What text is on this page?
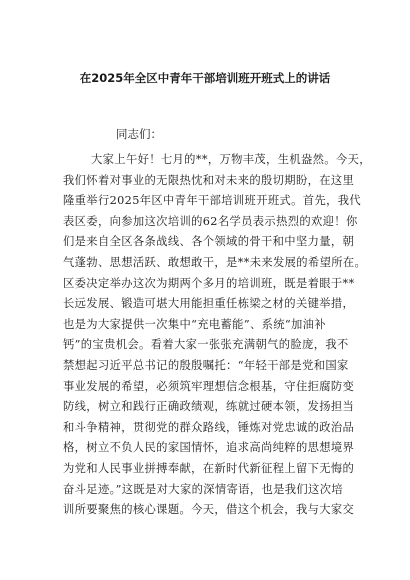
在2025年全区中青年干部培训班开班式上的讲话
同志们：
大家上午好！七月的**，万物丰茂，生机盎然。今天，
我们怀着对事业的无限热忱和对未来的殷切期盼，在这里
隆重举行2025年区中青年干部培训班开班式。首先，我代
表区委，向参加这次培训的62名学员表示热烈的欢迎！你
们是来自全区各条战线、各个领域的骨干和中坚力量，朝
气蓬勃、思想活跃、敢想敢干，是**未来发展的希望所在。
区委决定举办这次为期两个多月的培训班，既是着眼于**
长远发展、锻造可堪大用能担重任栋梁之材的关键举措，
也是为大家提供一次集中“充电蓄能”、系统“加油补
钙”的宝贵机会。看着大家一张张充满朝气的脸庞，我不
禁想起习近平总书记的殷殷嘱托：“年轻干部是党和国家
事业发展的希望，必须筑牢理想信念根基，守住拒腐防变
防线，树立和践行正确政绩观，练就过硬本领，发扬担当
和斗争精神，贯彻党的群众路线，锤炼对党忠诚的政治品
格，树立不负人民的家国情怀，追求高尚纯粹的思想境界
为党和人民事业拼搏奉献，在新时代新征程上留下无悔的
奋斗足迹。”这既是对大家的深情寄语，也是我们这次培
训所要聚焦的核心课题。今天，借这个机会，我与大家交
